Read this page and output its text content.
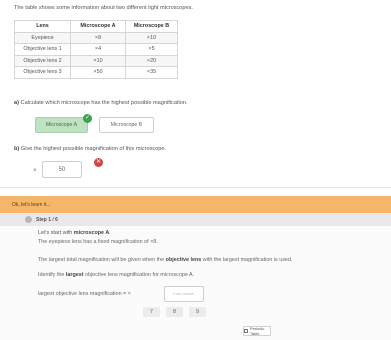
The table shows some information about two different light microscopes.
Lens	Microscope A	Microscope B
Eyepiece	×8	×10
Objective lens 1	×4	×5
Objective lens 2	×10	×20
Objective lens 3	×50	×35
a) Calculate which microscope has the highest possible magnification.
Microscope A	Microscope B
✓
b) Give the highest possible magnification of this microscope.
×	50
✕
Ok, let's learn it...
Step 1 / 6
Let's start with microscope A.
The eyepiece lens has a fixed magnification of ×8.
The largest total magnification will be given when the objective lens with the largest magnification is used.
Identify the largest objective lens magnification for microscope A.
largest objective lens magnification = ×	Enter answer
7	8	9
Periodic Table
